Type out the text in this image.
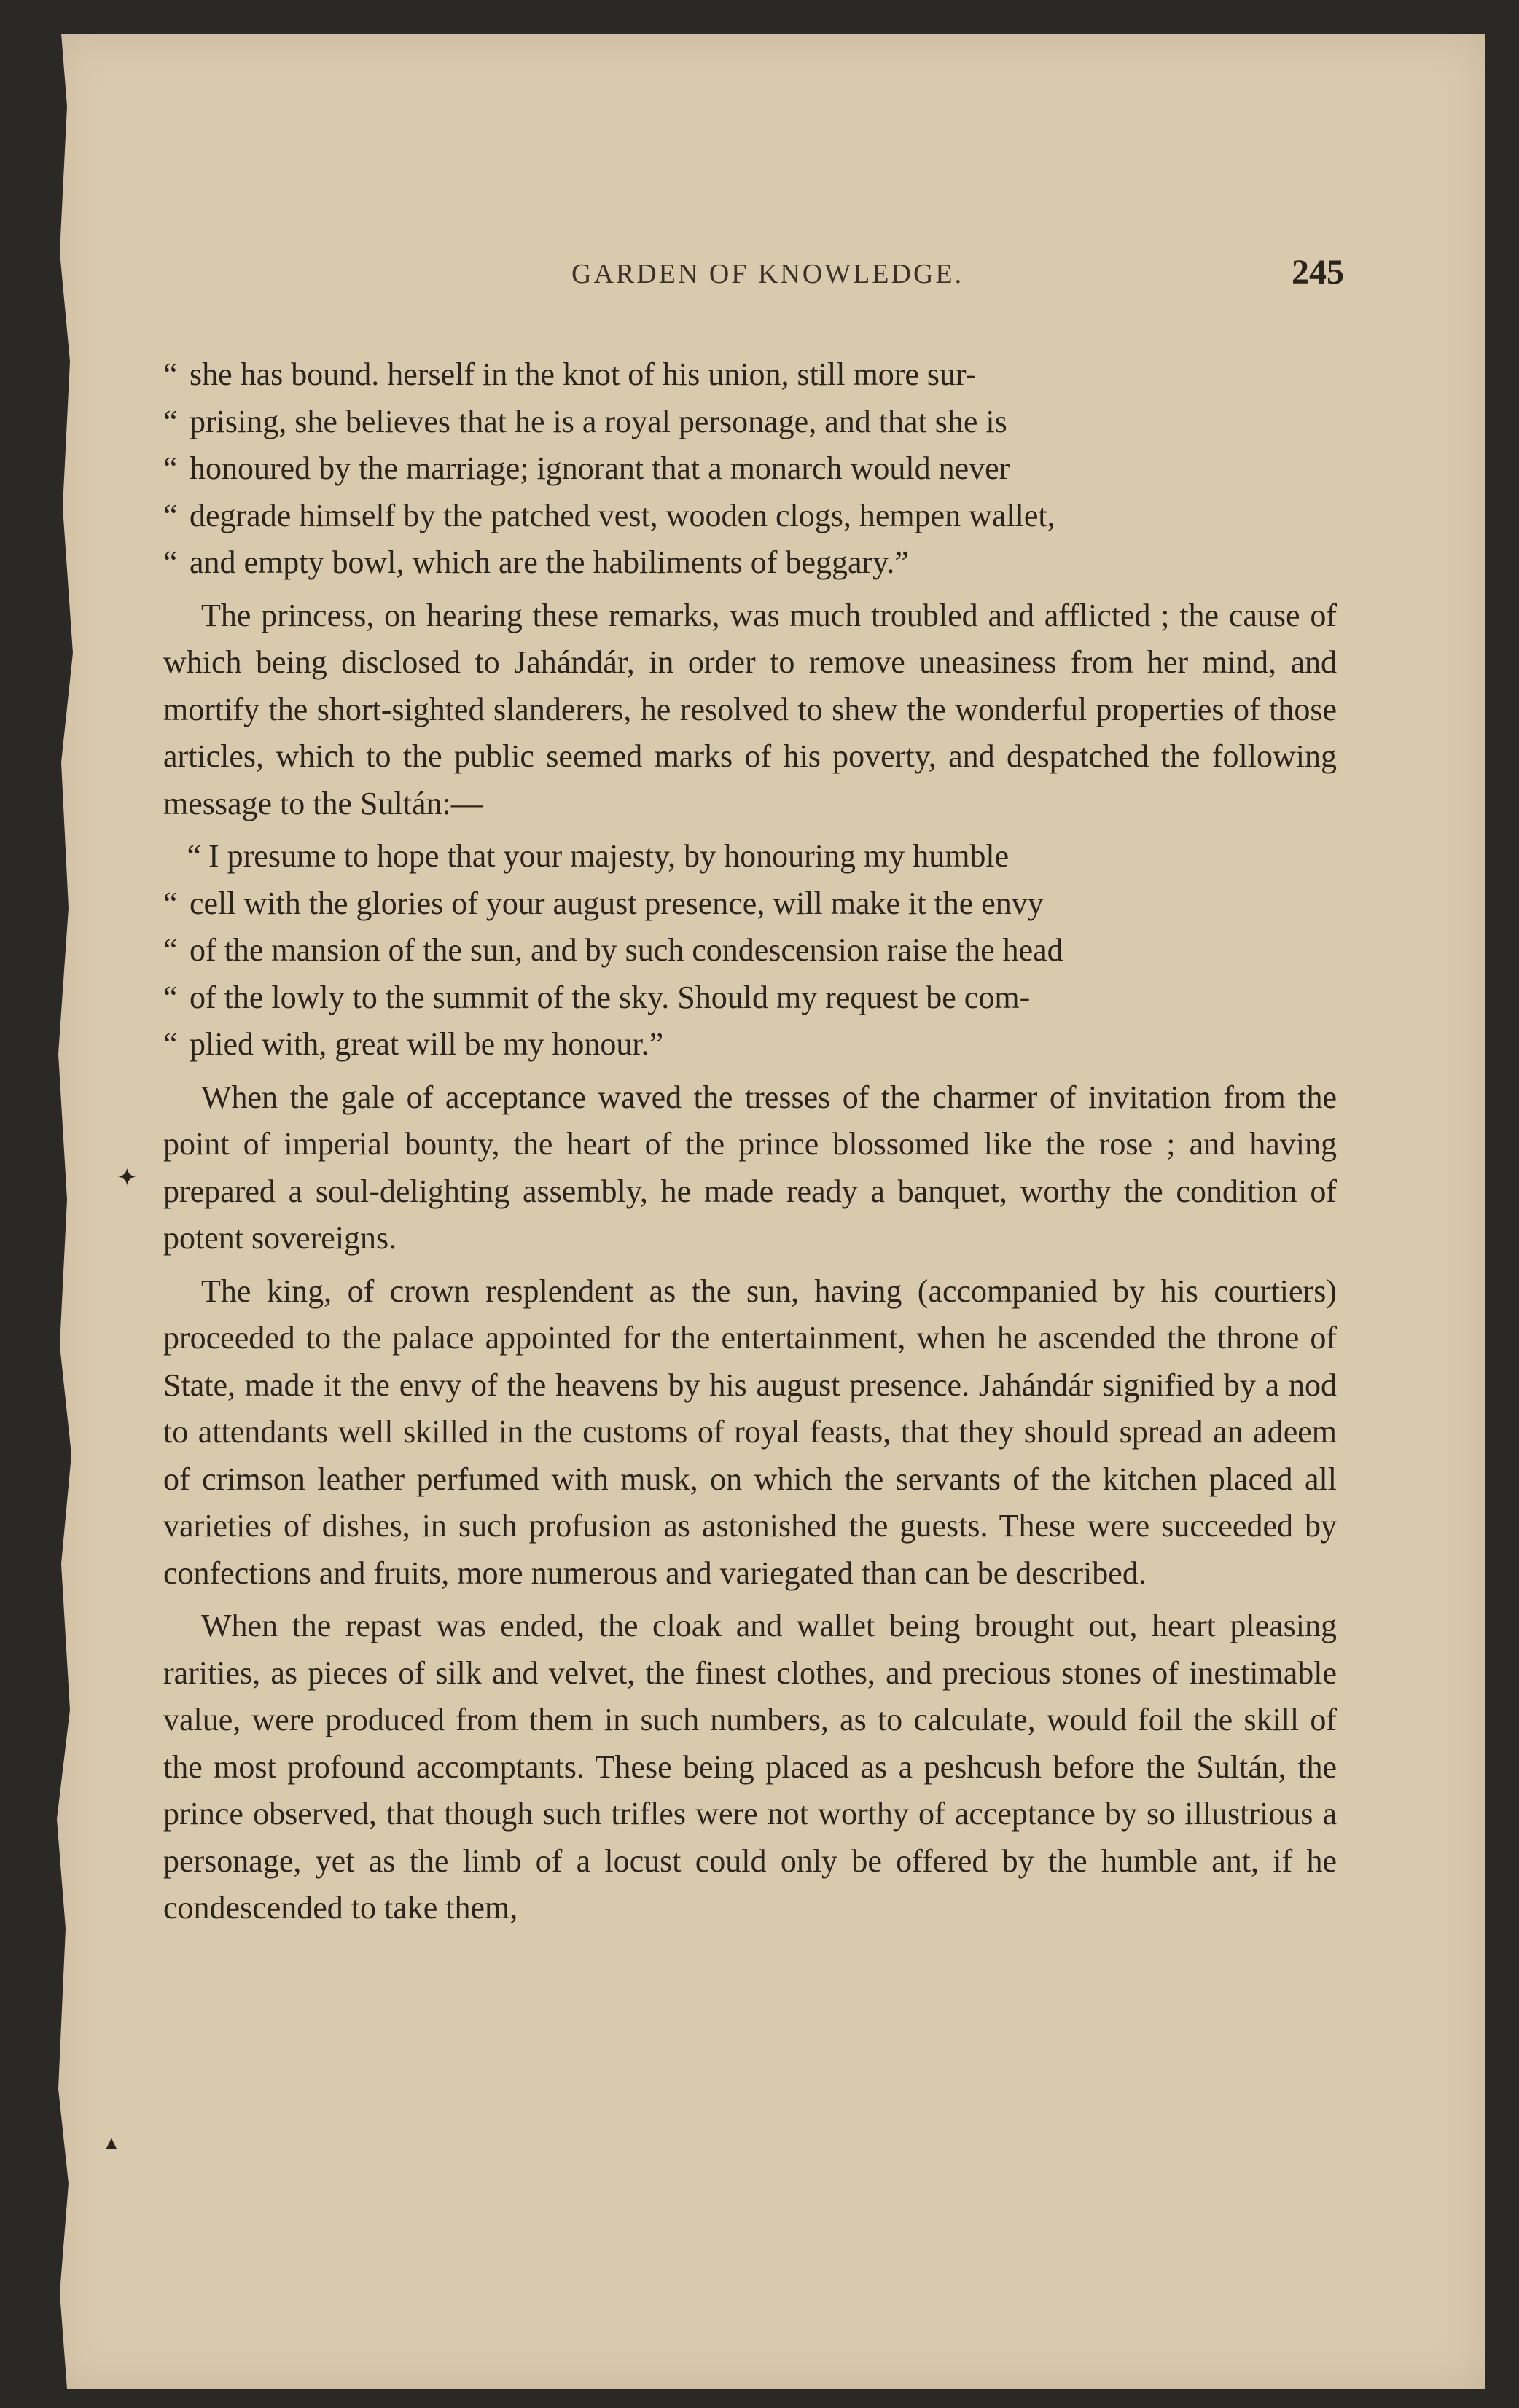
GARDEN OF KNOWLEDGE.	245

“ she has bound. herself in the knot of his union, still more sur-
“ prising, she believes that he is a royal personage, and that she is
“ honoured by the marriage; ignorant that a monarch would never
“ degrade himself by the patched vest, wooden clogs, hempen wallet,
“ and empty bowl, which are the habiliments of beggary.”

The princess, on hearing these remarks, was much troubled and afflicted ; the cause of which being disclosed to Jahándár, in order to remove uneasiness from her mind, and mortify the short-sighted slanderers, he resolved to shew the wonderful properties of those articles, which to the public seemed marks of his poverty, and despatched the following message to the Sultán:—

“ I presume to hope that your majesty, by honouring my humble
“ cell with the glories of your august presence, will make it the envy
“ of the mansion of the sun, and by such condescension raise the head
“ of the lowly to the summit of the sky. Should my request be com-
“ plied with, great will be my honour.”

When the gale of acceptance waved the tresses of the charmer of invitation from the point of imperial bounty, the heart of the prince blossomed like the rose ; and having prepared a soul-delighting assembly, he made ready a banquet, worthy the condition of potent sovereigns.

The king, of crown resplendent as the sun, having (accompanied by his courtiers) proceeded to the palace appointed for the entertainment, when he ascended the throne of State, made it the envy of the heavens by his august presence. Jahándár signified by a nod to attendants well skilled in the customs of royal feasts, that they should spread an adeem of crimson leather perfumed with musk, on which the servants of the kitchen placed all varieties of dishes, in such profusion as astonished the guests. These were succeeded by confections and fruits, more numerous and variegated than can be described.

When the repast was ended, the cloak and wallet being brought out, heart pleasing rarities, as pieces of silk and velvet, the finest clothes, and precious stones of inestimable value, were produced from them in such numbers, as to calculate, would foil the skill of the most profound accomptants. These being placed as a peshcush before the Sultán, the prince observed, that though such trifles were not worthy of acceptance by so illustrious a personage, yet as the limb of a locust could only be offered by the humble ant, if he condescended to take them,

✦
▲
